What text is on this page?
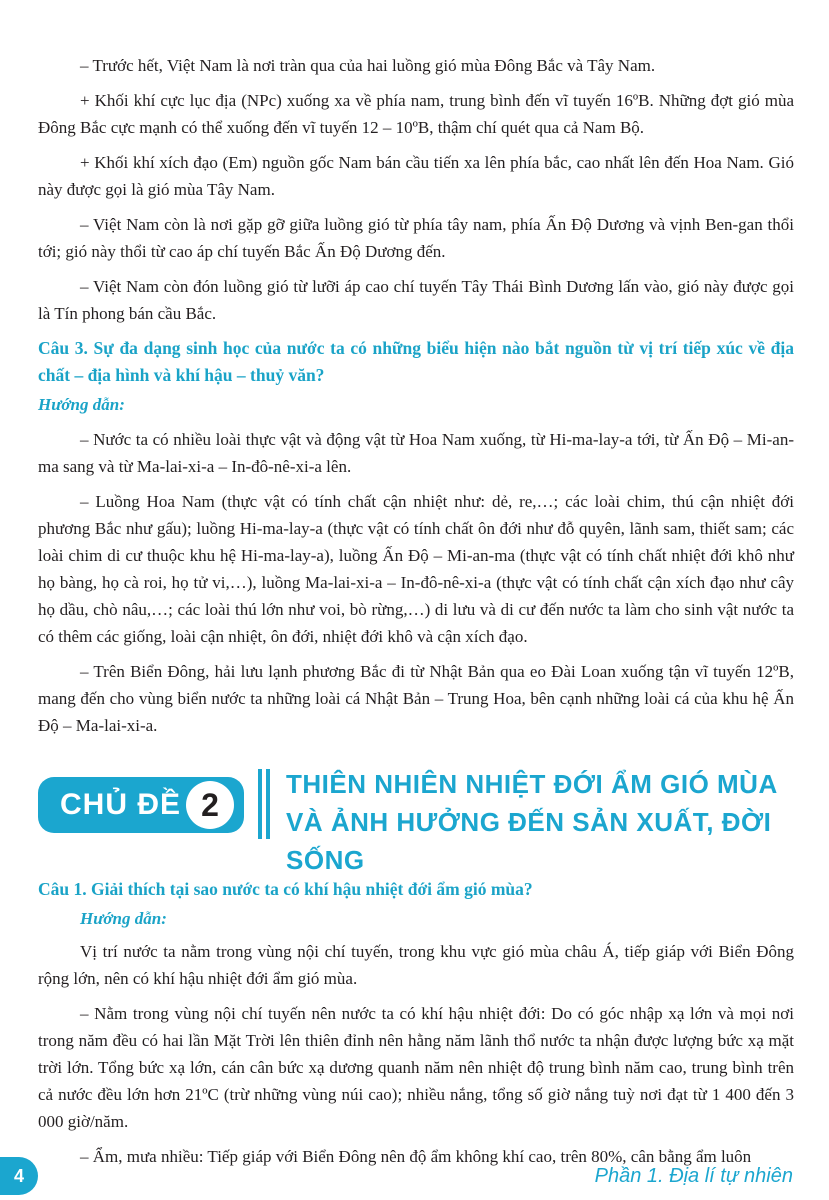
– Trước hết, Việt Nam là nơi tràn qua của hai luồng gió mùa Đông Bắc và Tây Nam.

+ Khối khí cực lục địa (NPc) xuống xa về phía nam, trung bình đến vĩ tuyến 16ºB. Những đợt gió mùa Đông Bắc cực mạnh có thể xuống đến vĩ tuyến 12 – 10ºB, thậm chí quét qua cả Nam Bộ.

+ Khối khí xích đạo (Em) nguồn gốc Nam bán cầu tiến xa lên phía bắc, cao nhất lên đến Hoa Nam. Gió này được gọi là gió mùa Tây Nam.

– Việt Nam còn là nơi gặp gỡ giữa luồng gió từ phía tây nam, phía Ấn Độ Dương và vịnh Ben-gan thổi tới; gió này thổi từ cao áp chí tuyến Bắc Ấn Độ Dương đến.

– Việt Nam còn đón luồng gió từ lưỡi áp cao chí tuyến Tây Thái Bình Dương lấn vào, gió này được gọi là Tín phong bán cầu Bắc.

Câu 3. Sự đa dạng sinh học của nước ta có những biểu hiện nào bắt nguồn từ vị trí tiếp xúc về địa chất – địa hình và khí hậu – thuỷ văn?

Hướng dẫn:

– Nước ta có nhiều loài thực vật và động vật từ Hoa Nam xuống, từ Hi-ma-lay-a tới, từ Ấn Độ – Mi-an-ma sang và từ Ma-lai-xi-a – In-đô-nê-xi-a lên.

– Luồng Hoa Nam (thực vật có tính chất cận nhiệt như: dẻ, re,…; các loài chim, thú cận nhiệt đới phương Bắc như gấu); luồng Hi-ma-lay-a (thực vật có tính chất ôn đới như đỗ quyên, lãnh sam, thiết sam; các loài chim di cư thuộc khu hệ Hi-ma-lay-a), luồng Ấn Độ – Mi-an-ma (thực vật có tính chất nhiệt đới khô như họ bàng, họ cà roi, họ tử vi,…), luồng Ma-lai-xi-a – In-đô-nê-xi-a (thực vật có tính chất cận xích đạo như cây họ dầu, chò nâu,…; các loài thú lớn như voi, bò rừng,…) di lưu và di cư đến nước ta làm cho sinh vật nước ta có thêm các giống, loài cận nhiệt, ôn đới, nhiệt đới khô và cận xích đạo.

– Trên Biển Đông, hải lưu lạnh phương Bắc đi từ Nhật Bản qua eo Đài Loan xuống tận vĩ tuyến 12ºB, mang đến cho vùng biển nước ta những loài cá Nhật Bản – Trung Hoa, bên cạnh những loài cá của khu hệ Ấn Độ – Ma-lai-xi-a.

CHỦ ĐỀ 2
THIÊN NHIÊN NHIỆT ĐỚI ẨM GIÓ MÙA
VÀ ẢNH HƯỞNG ĐẾN SẢN XUẤT, ĐỜI SỐNG
Câu 1. Giải thích tại sao nước ta có khí hậu nhiệt đới ẩm gió mùa?

Hướng dẫn:

Vị trí nước ta nằm trong vùng nội chí tuyến, trong khu vực gió mùa châu Á, tiếp giáp với Biển Đông rộng lớn, nên có khí hậu nhiệt đới ẩm gió mùa.

– Nằm trong vùng nội chí tuyến nên nước ta có khí hậu nhiệt đới: Do có góc nhập xạ lớn và mọi nơi trong năm đều có hai lần Mặt Trời lên thiên đỉnh nên hằng năm lãnh thổ nước ta nhận được lượng bức xạ mặt trời lớn. Tổng bức xạ lớn, cán cân bức xạ dương quanh năm nên nhiệt độ trung bình năm cao, trung bình trên cả nước đều lớn hơn 21ºC (trừ những vùng núi cao); nhiều nắng, tổng số giờ nắng tuỳ nơi đạt từ 1 400 đến 3 000 giờ/năm.

– Ẩm, mưa nhiều: Tiếp giáp với Biển Đông nên độ ẩm không khí cao, trên 80%, cân bằng ẩm luôn

4	Phần 1. Địa lí tự nhiên
